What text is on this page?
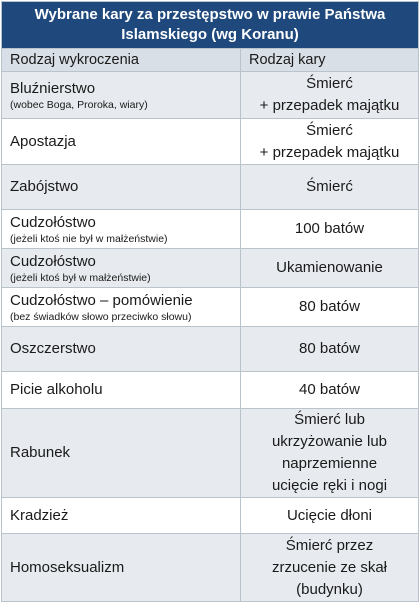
Wybrane kary za przestępstwo w prawie Państwa
Islamskiego (wg Koranu)	
Rodzaj wykroczenia	Rodzaj kary

Bluźnierstwo
(wobec Boga, Proroka, wiary)	Śmierć
+ przepadek majątku

Apostazja	Śmierć
+ przepadek majątku

Zabójstwo	Śmierć

Cudzołóstwo
(jeżeli ktoś nie był w małżeństwie)	100 batów

Cudzołóstwo
(jeżeli ktoś był w małżeństwie)	Ukamienowanie

Cudzołóstwo – pomówienie
(bez świadków słowo przeciwko słowu)	80 batów

Oszczerstwo	80 batów

Picie alkoholu	40 batów

Rabunek	Śmierć lub
ukrzyżowanie lub
naprzemienne
ucięcie ręki i nogi

Kradzież	Ucięcie dłoni

Homoseksualizm	Śmierć przez
zrzucenie ze skał
(budynku)
